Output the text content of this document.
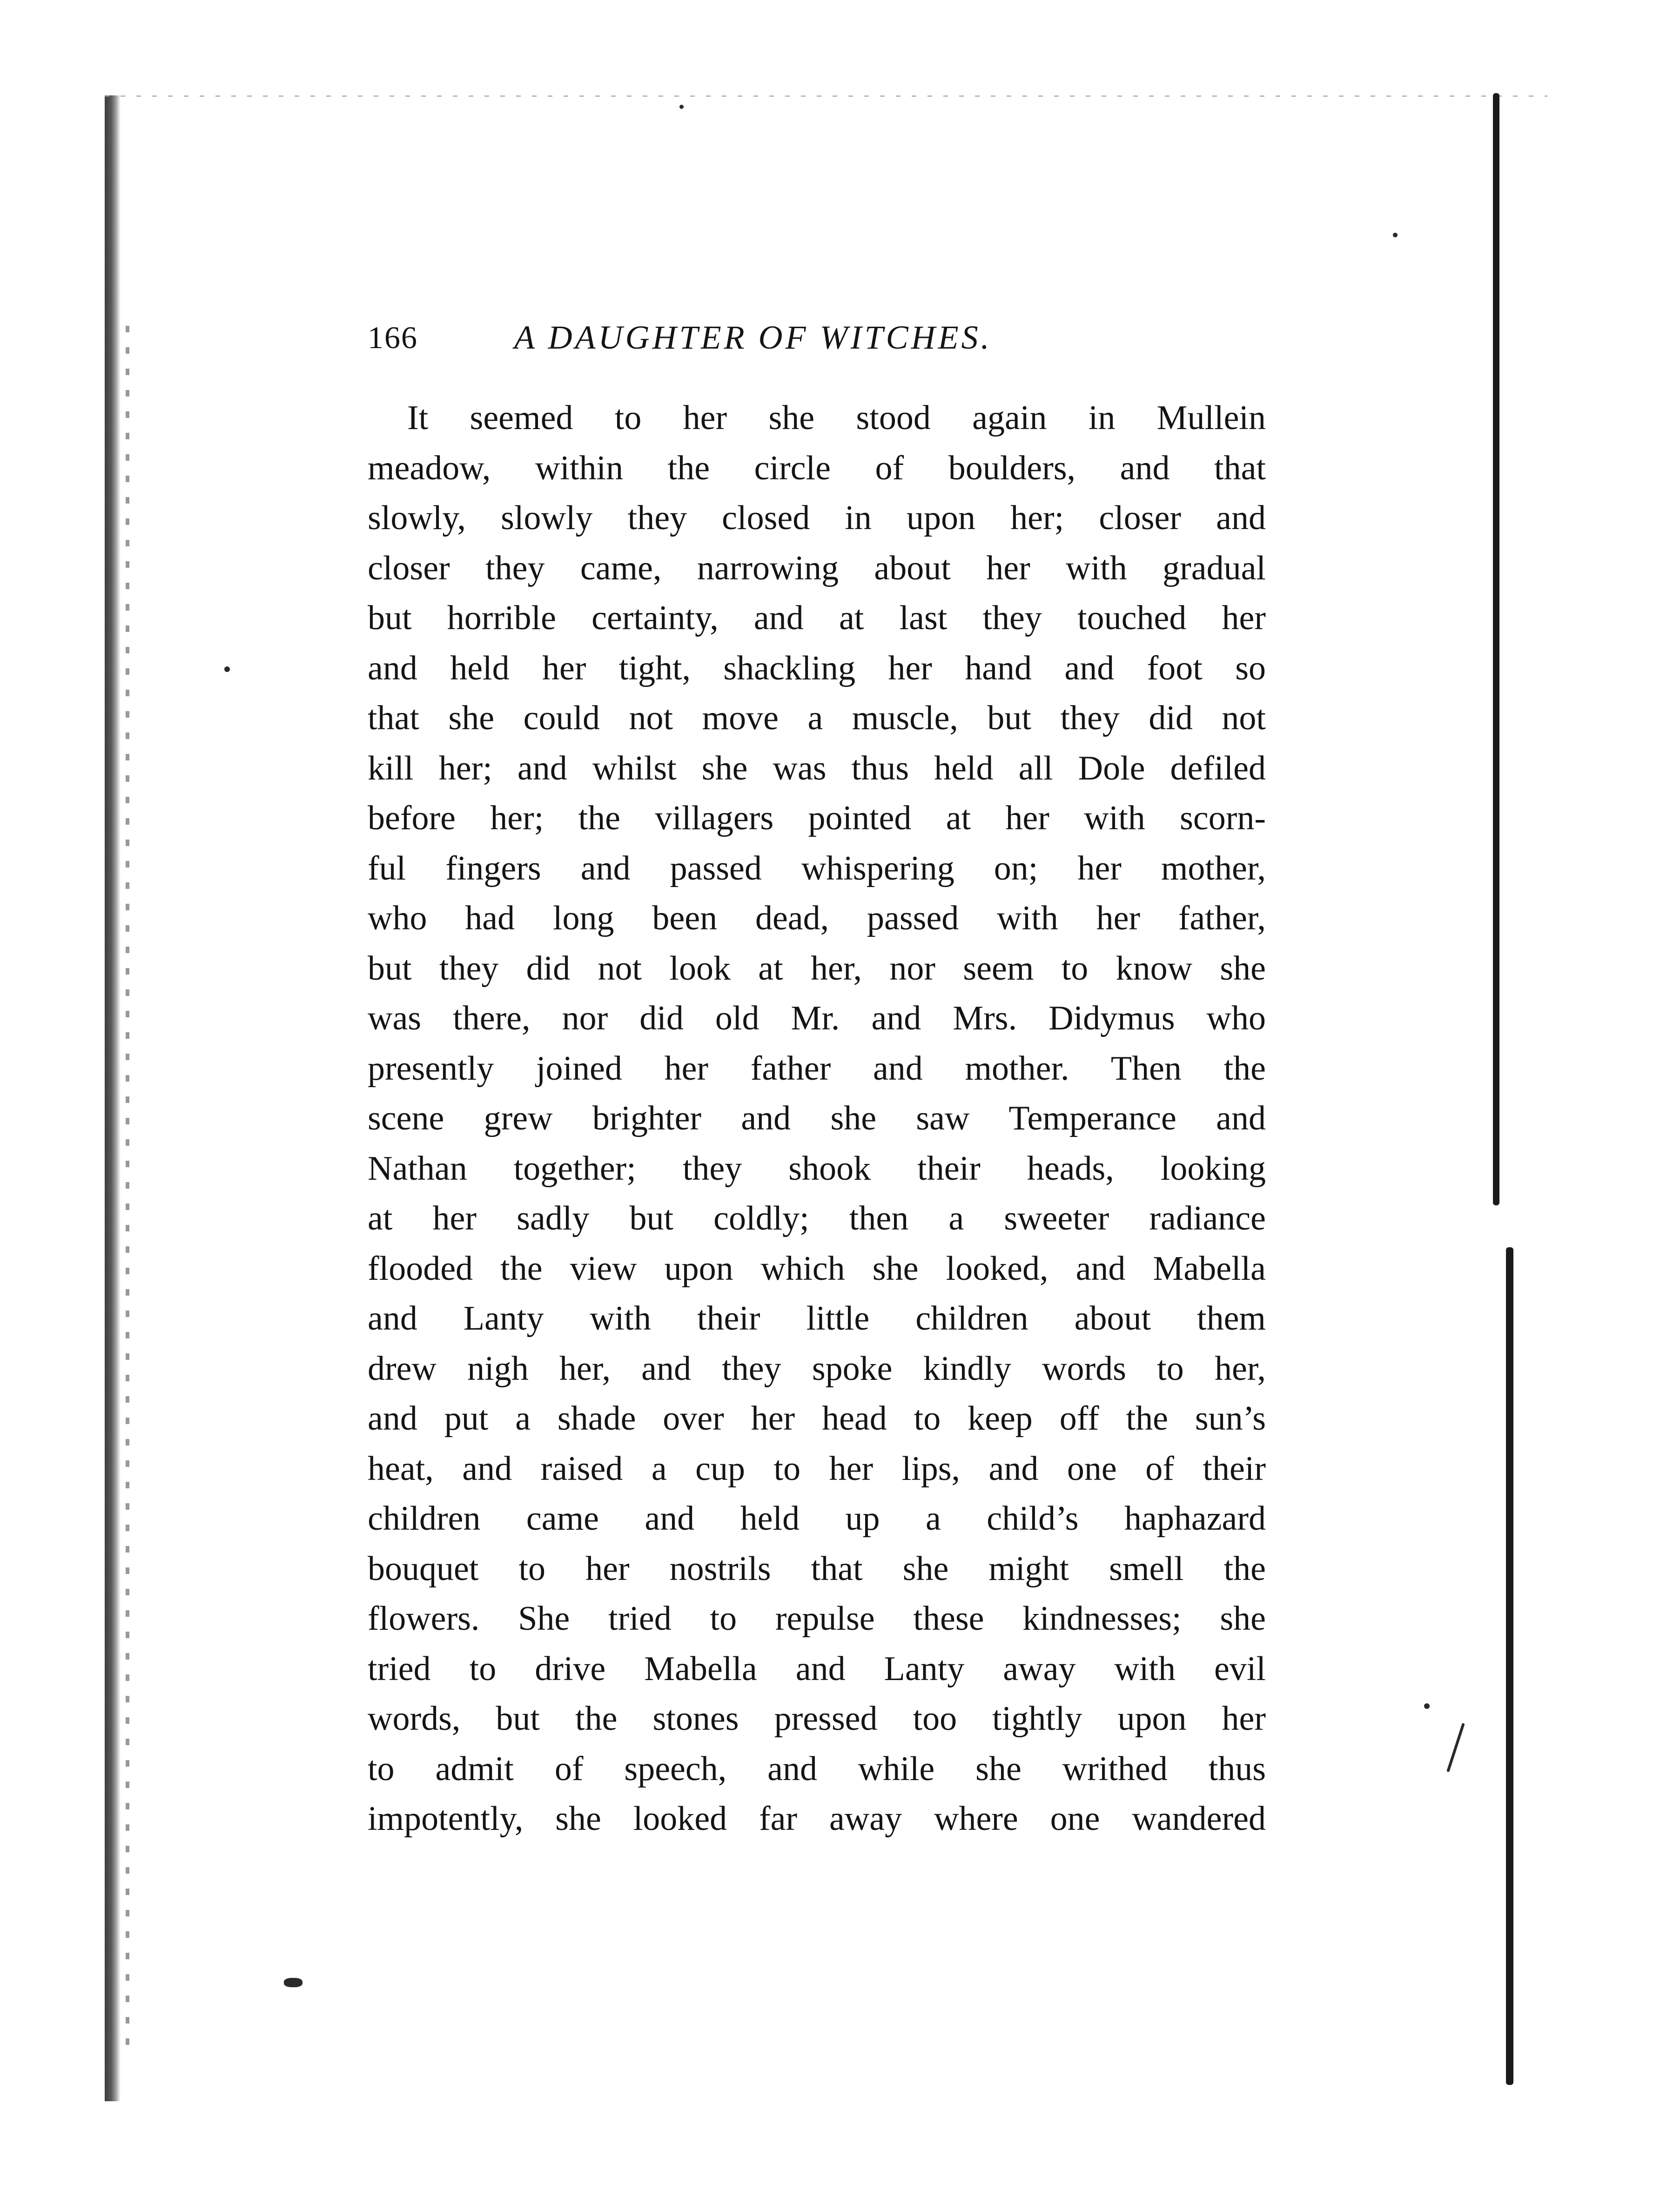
166	A DAUGHTER OF WITCHES.
It seemed to her she stood again in Mullein
meadow, within the circle of boulders, and that
slowly, slowly they closed in upon her; closer and
closer they came, narrowing about her with gradual
but horrible certainty, and at last they touched her
and held her tight, shackling her hand and foot so
that she could not move a muscle, but they did not
kill her; and whilst she was thus held all Dole defiled
before her; the villagers pointed at her with scorn-
ful fingers and passed whispering on; her mother,
who had long been dead, passed with her father,
but they did not look at her, nor seem to know she
was there, nor did old Mr. and Mrs. Didymus who
presently joined her father and mother. Then the
scene grew brighter and she saw Temperance and
Nathan together; they shook their heads, looking
at her sadly but coldly; then a sweeter radiance
flooded the view upon which she looked, and Mabella
and Lanty with their little children about them
drew nigh her, and they spoke kindly words to her,
and put a shade over her head to keep off the sun’s
heat, and raised a cup to her lips, and one of their
children came and held up a child’s haphazard
bouquet to her nostrils that she might smell the
flowers. She tried to repulse these kindnesses; she
tried to drive Mabella and Lanty away with evil
words, but the stones pressed too tightly upon her
to admit of speech, and while she writhed thus
impotently, she looked far away where one wandered
